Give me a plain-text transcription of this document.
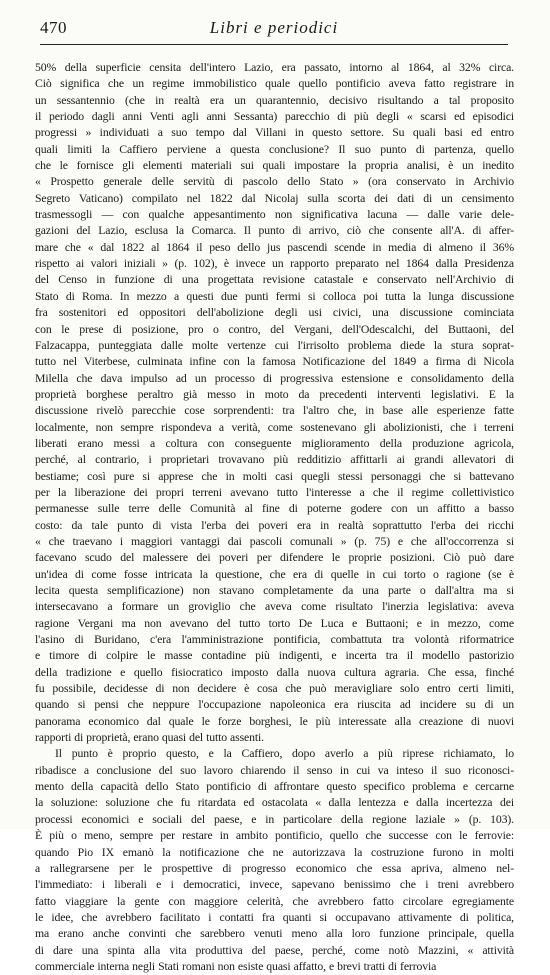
470	Libri e periodici

50% della superficie censita dell'intero Lazio, era passato, intorno al 1864, al 32% circa.
Ciò significa che un regime immobilistico quale quello pontificio aveva fatto registrare in
un sessantennio (che in realtà era un quarantennio, decisivo risultando a tal proposito
il periodo dagli anni Venti agli anni Sessanta) parecchio di più degli « scarsi ed episodici
progressi » individuati a suo tempo dal Villani in questo settore. Su quali basi ed entro
quali limiti la Caffiero perviene a questa conclusione? Il suo punto di partenza, quello
che le fornisce gli elementi materiali sui quali impostare la propria analisi, è un inedito
« Prospetto generale delle servitù di pascolo dello Stato » (ora conservato in Archivio
Segreto Vaticano) compilato nel 1822 dal Nicolaj sulla scorta dei dati di un censimento
trasmessogli — con qualche appesantimento non significativa lacuna — dalle varie dele-
gazioni del Lazio, esclusa la Comarca. Il punto di arrivo, ciò che consente all'A. di affer-
mare che « dal 1822 al 1864 il peso dello jus pascendi scende in media di almeno il 36%
rispetto ai valori iniziali » (p. 102), è invece un rapporto preparato nel 1864 dalla Presidenza
del Censo in funzione di una progettata revisione catastale e conservato nell'Archivio di
Stato di Roma. In mezzo a questi due punti fermi si colloca poi tutta la lunga discussione
fra sostenitori ed oppositori dell'abolizione degli usi civici, una discussione cominciata
con le prese di posizione, pro o contro, del Vergani, dell'Odescalchi, del Buttaoni, del
Falzacappa, punteggiata dalle molte vertenze cui l'irrisolto problema diede la stura soprat-
tutto nel Viterbese, culminata infine con la famosa Notificazione del 1849 a firma di Nicola
Milella che dava impulso ad un processo di progressiva estensione e consolidamento della
proprietà borghese peraltro già messo in moto da precedenti interventi legislativi. E la
discussione rivelò parecchie cose sorprendenti: tra l'altro che, in base alle esperienze fatte
localmente, non sempre rispondeva a verità, come sostenevano gli abolizionisti, che i terreni
liberati erano messi a coltura con conseguente miglioramento della produzione agricola,
perché, al contrario, i proprietari trovavano più redditizio affittarli ai grandi allevatori di
bestiame; così pure si apprese che in molti casi quegli stessi personaggi che si battevano
per la liberazione dei propri terreni avevano tutto l'interesse a che il regime collettivistico
permanesse sulle terre delle Comunità al fine di poterne godere con un affitto a basso
costo: da tale punto di vista l'erba dei poveri era in realtà soprattutto l'erba dei ricchi
« che traevano i maggiori vantaggi dai pascoli comunali » (p. 75) e che all'occorrenza si
facevano scudo del malessere dei poveri per difendere le proprie posizioni. Ciò può dare
un'idea di come fosse intricata la questione, che era di quelle in cui torto o ragione (se è
lecita questa semplificazione) non stavano completamente da una parte o dall'altra ma si
intersecavano a formare un groviglio che aveva come risultato l'inerzia legislativa: aveva
ragione Vergani ma non avevano del tutto torto De Luca e Buttaoni; e in mezzo, come
l'asino di Buridano, c'era l'amministrazione pontificia, combattuta tra volontà riformatrice
e timore di colpire le masse contadine più indigenti, e incerta tra il modello pastorizio
della tradizione e quello fisiocratico imposto dalla nuova cultura agraria. Che essa, finché
fu possibile, decidesse di non decidere è cosa che può meravigliare solo entro certi limiti,
quando si pensi che neppure l'occupazione napoleonica era riuscita ad incidere su di un
panorama economico dal quale le forze borghesi, le più interessate alla creazione di nuovi
rapporti di proprietà, erano quasi del tutto assenti.

Il punto è proprio questo, e la Caffiero, dopo averlo a più riprese richiamato, lo
ribadisce a conclusione del suo lavoro chiarendo il senso in cui va inteso il suo riconosci-
mento della capacità dello Stato pontificio di affrontare questo specifico problema e cercarne
la soluzione: soluzione che fu ritardata ed ostacolata « dalla lentezza e dalla incertezza dei
processi economici e sociali del paese, e in particolare della regione laziale » (p. 103).
È più o meno, sempre per restare in ambito pontificio, quello che successe con le ferrovie:
quando Pio IX emanò la notificazione che ne autorizzava la costruzione furono in molti
a rallegrarsene per le prospettive di progresso economico che essa apriva, almeno nel-
l'immediato: i liberali e i democratici, invece, sapevano benissimo che i treni avrebbero
fatto viaggiare la gente con maggiore celerità, che avrebbero fatto circolare egregiamente
le idee, che avrebbero facilitato i contatti fra quanti si occupavano attivamente di politica,
ma erano anche convinti che sarebbero venuti meno alla loro funzione principale, quella
di dare una spinta alla vita produttiva del paese, perché, come notò Mazzini, « attività
commerciale interna negli Stati romani non esiste quasi affatto, e brevi tratti di ferrovia
